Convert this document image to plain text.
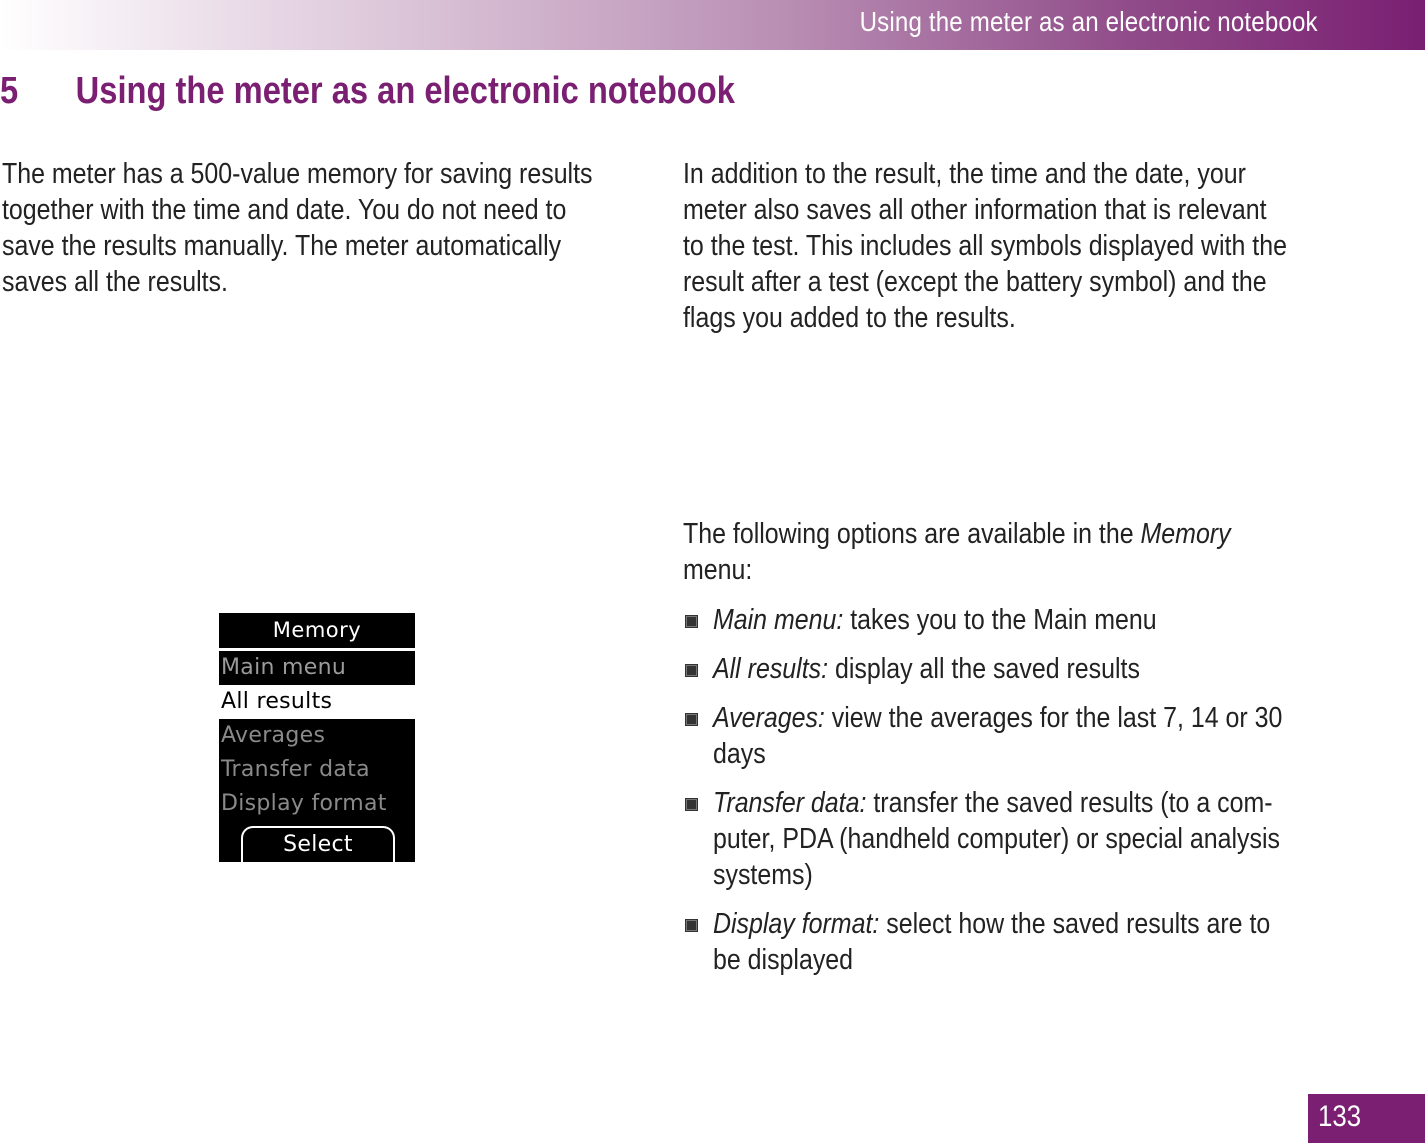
Using the meter as an electronic notebook
5 Using the meter as an electronic notebook
The meter has a 500-value memory for saving results
together with the time and date. You do not need to
save the results manually. The meter automatically
saves all the results.
In addition to the result, the time and the date, your
meter also saves all other information that is relevant
to the test. This includes all symbols displayed with the
result after a test (except the battery symbol) and the
flags you added to the results.
The following options are available in the Memory
menu:
Main menu: takes you to the Main menu
All results: display all the saved results
Averages: view the averages for the last 7, 14 or 30
days
Transfer data: transfer the saved results (to a com-
puter, PDA (handheld computer) or special analysis
systems)
Display format: select how the saved results are to
be displayed
Memory
Main menu
All results
Averages
Transfer data
Display format
Select
133
